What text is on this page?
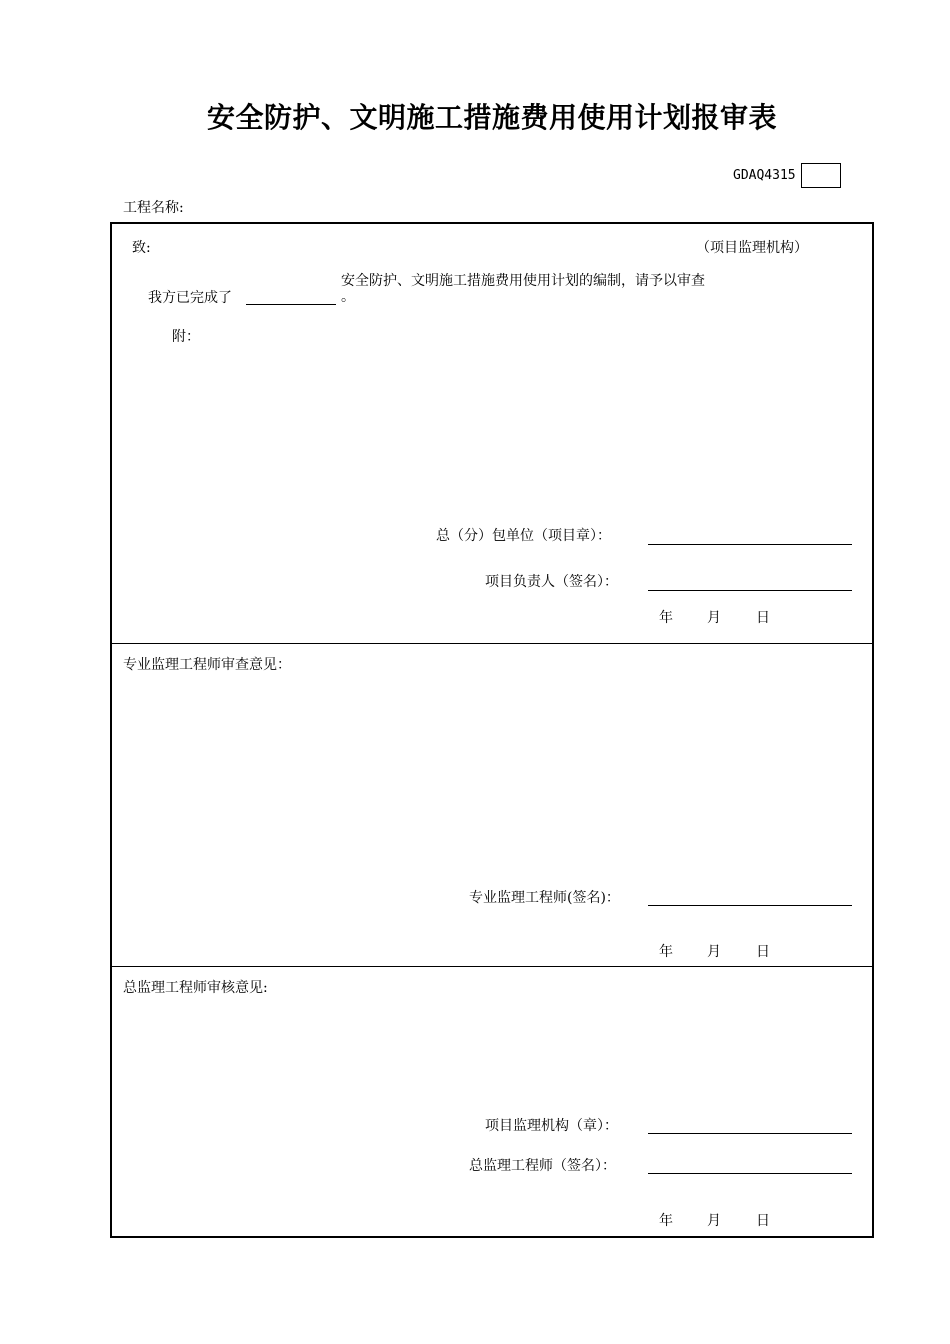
安全防护、文明施工措施费用使用计划报审表
GDAQ4315
工程名称:
致:	（项目监理机构）
我方已完成了
安全防护、文明施工措施费用使用计划的编制，请予以审查
。
附：
总（分）包单位（项目章）：
项目负责人（签名）：
年 月	日
专业监理工程师审查意见：
专业监理工程师(签名)：
年 月	日
总监理工程师审核意见:
项目监理机构（章）：
总监理工程师（签名）：
年 月	日
